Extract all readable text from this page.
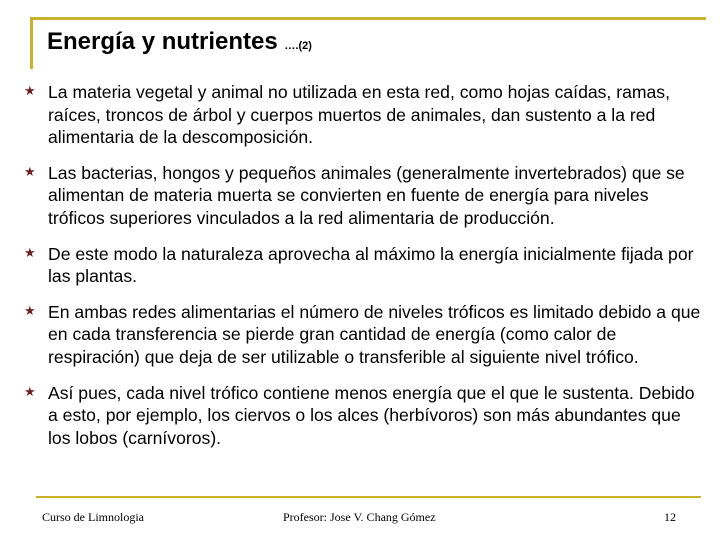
Energía y nutrientes ….(2)
★ La materia vegetal y animal no utilizada en esta red, como hojas caídas, ramas, raíces, troncos de árbol y cuerpos muertos de animales, dan sustento a la red alimentaria de la descomposición.
★ Las bacterias, hongos y pequeños animales (generalmente invertebrados) que se alimentan de materia muerta se convierten en fuente de energía para niveles tróficos superiores vinculados a la red alimentaria de producción.
★ De este modo la naturaleza aprovecha al máximo la energía inicialmente fijada por las plantas.
★ En ambas redes alimentarias el número de niveles tróficos es limitado debido a que en cada transferencia se pierde gran cantidad de energía (como calor de respiración) que deja de ser utilizable o transferible al siguiente nivel trófico.
★ Así pues, cada nivel trófico contiene menos energía que el que le sustenta. Debido a esto, por ejemplo, los ciervos o los alces (herbívoros) son más abundantes que los lobos (carnívoros).
Curso de Limnologia	Profesor: Jose V. Chang Gómez	12
